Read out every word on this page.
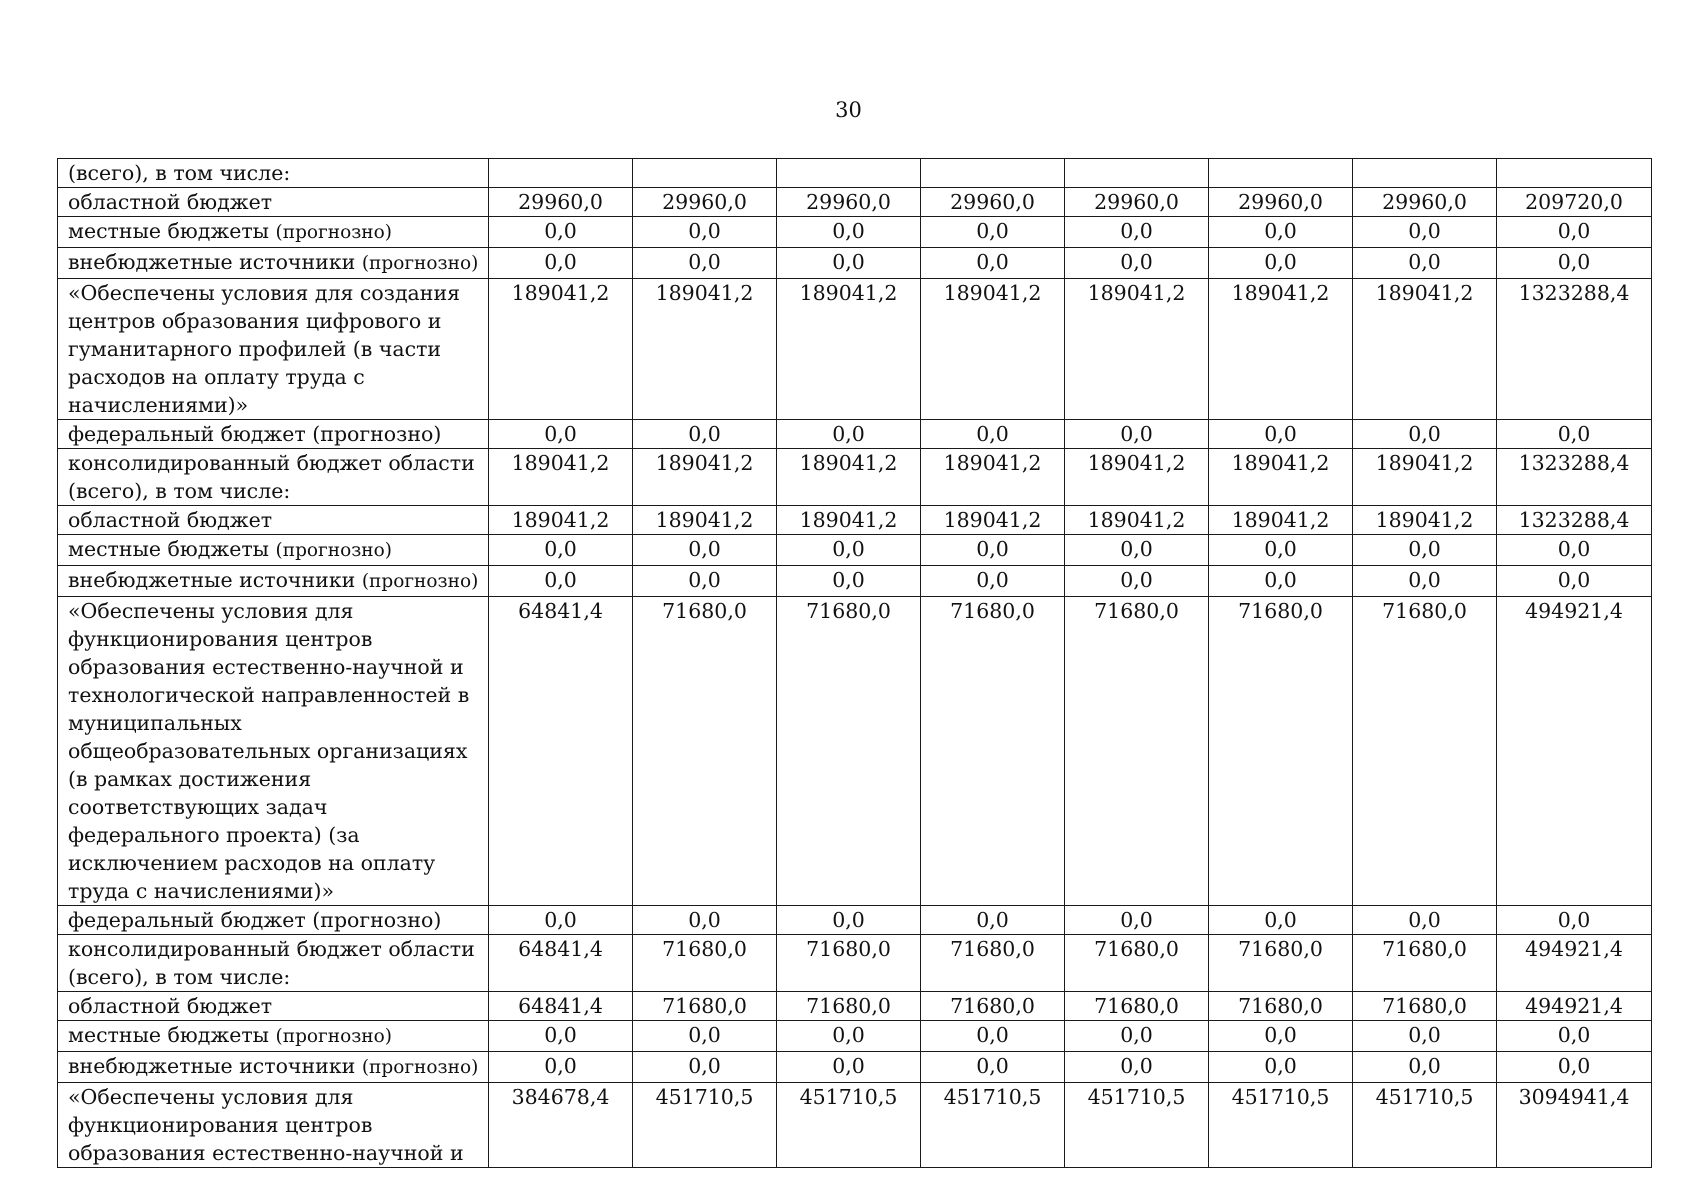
30
(всего), в том числе:								
областной бюджет	29960,0	29960,0	29960,0	29960,0	29960,0	29960,0	29960,0	209720,0
местные бюджеты (прогнозно)	0,0	0,0	0,0	0,0	0,0	0,0	0,0	0,0
внебюджетные источники (прогнозно)	0,0	0,0	0,0	0,0	0,0	0,0	0,0	0,0
«Обеспечены условия для создания центров образования цифрового и гуманитарного профилей (в части расходов на оплату труда с начислениями)»	189041,2	189041,2	189041,2	189041,2	189041,2	189041,2	189041,2	1323288,4
федеральный бюджет (прогнозно)	0,0	0,0	0,0	0,0	0,0	0,0	0,0	0,0
консолидированный бюджет области (всего), в том числе:	189041,2	189041,2	189041,2	189041,2	189041,2	189041,2	189041,2	1323288,4
областной бюджет	189041,2	189041,2	189041,2	189041,2	189041,2	189041,2	189041,2	1323288,4
местные бюджеты (прогнозно)	0,0	0,0	0,0	0,0	0,0	0,0	0,0	0,0
внебюджетные источники (прогнозно)	0,0	0,0	0,0	0,0	0,0	0,0	0,0	0,0
«Обеспечены условия для функционирования центров образования естественно-научной и технологической направленностей в муниципальных общеобразовательных организациях (в рамках достижения соответствующих задач федерального проекта) (за исключением расходов на оплату труда с начислениями)»	64841,4	71680,0	71680,0	71680,0	71680,0	71680,0	71680,0	494921,4
федеральный бюджет (прогнозно)	0,0	0,0	0,0	0,0	0,0	0,0	0,0	0,0
консолидированный бюджет области (всего), в том числе:	64841,4	71680,0	71680,0	71680,0	71680,0	71680,0	71680,0	494921,4
областной бюджет	64841,4	71680,0	71680,0	71680,0	71680,0	71680,0	71680,0	494921,4
местные бюджеты (прогнозно)	0,0	0,0	0,0	0,0	0,0	0,0	0,0	0,0
внебюджетные источники (прогнозно)	0,0	0,0	0,0	0,0	0,0	0,0	0,0	0,0
«Обеспечены условия для функционирования центров образования естественно-научной и	384678,4	451710,5	451710,5	451710,5	451710,5	451710,5	451710,5	3094941,4
